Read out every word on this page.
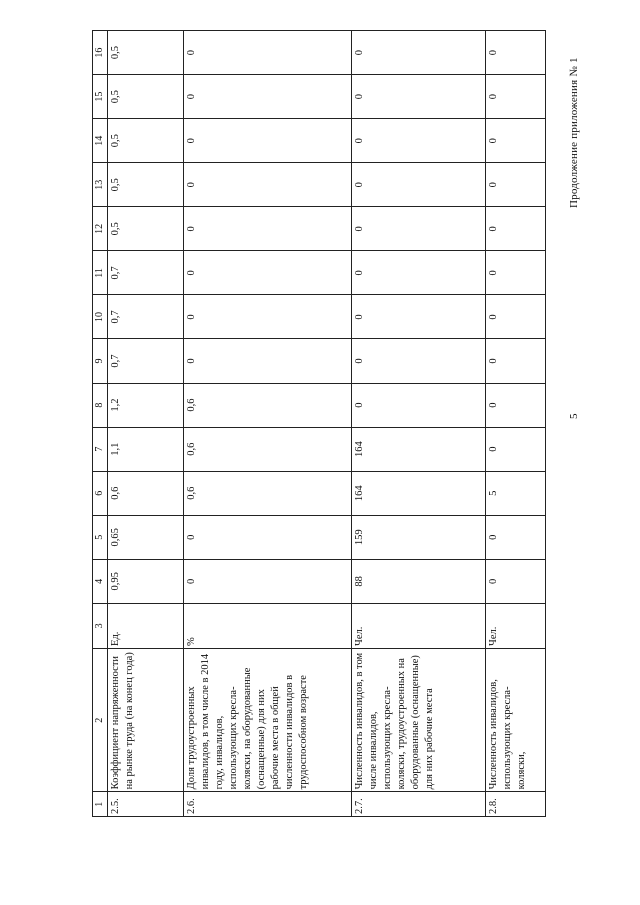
Продолжение приложения № 1
5
1	2	3	4	5	6	7	8	9	10	11	12	13	14	15	16
2.5.	Коэффициент напряженности на рынке труда (на конец года)	Ед.	0,95	0,65	0,6	1,1	1,2	0,7	0,7	0,7	0,5	0,5	0,5	0,5	0,5
2.6.	Доля трудоустроенных инвалидов, в том числе в 2014 году, инвалидов, использующих кресла-коляски, на оборудованные (оснащенные) для них рабочие места в общей численности инвалидов в трудоспособном возрасте	%	0	0	0,6	0,6	0,6	0	0	0	0	0	0	0	0
2.7.	Численность инвалидов, в том числе инвалидов, использующих кресла-коляски, трудоустроенных на оборудованные (оснащенные) для них рабочие места	Чел.	88	159	164	164	0	0	0	0	0	0	0	0	0
2.8.	Численность инвалидов, использующих кресла-коляски,	Чел.	0	0	5	0	0	0	0	0	0	0	0	0	0
